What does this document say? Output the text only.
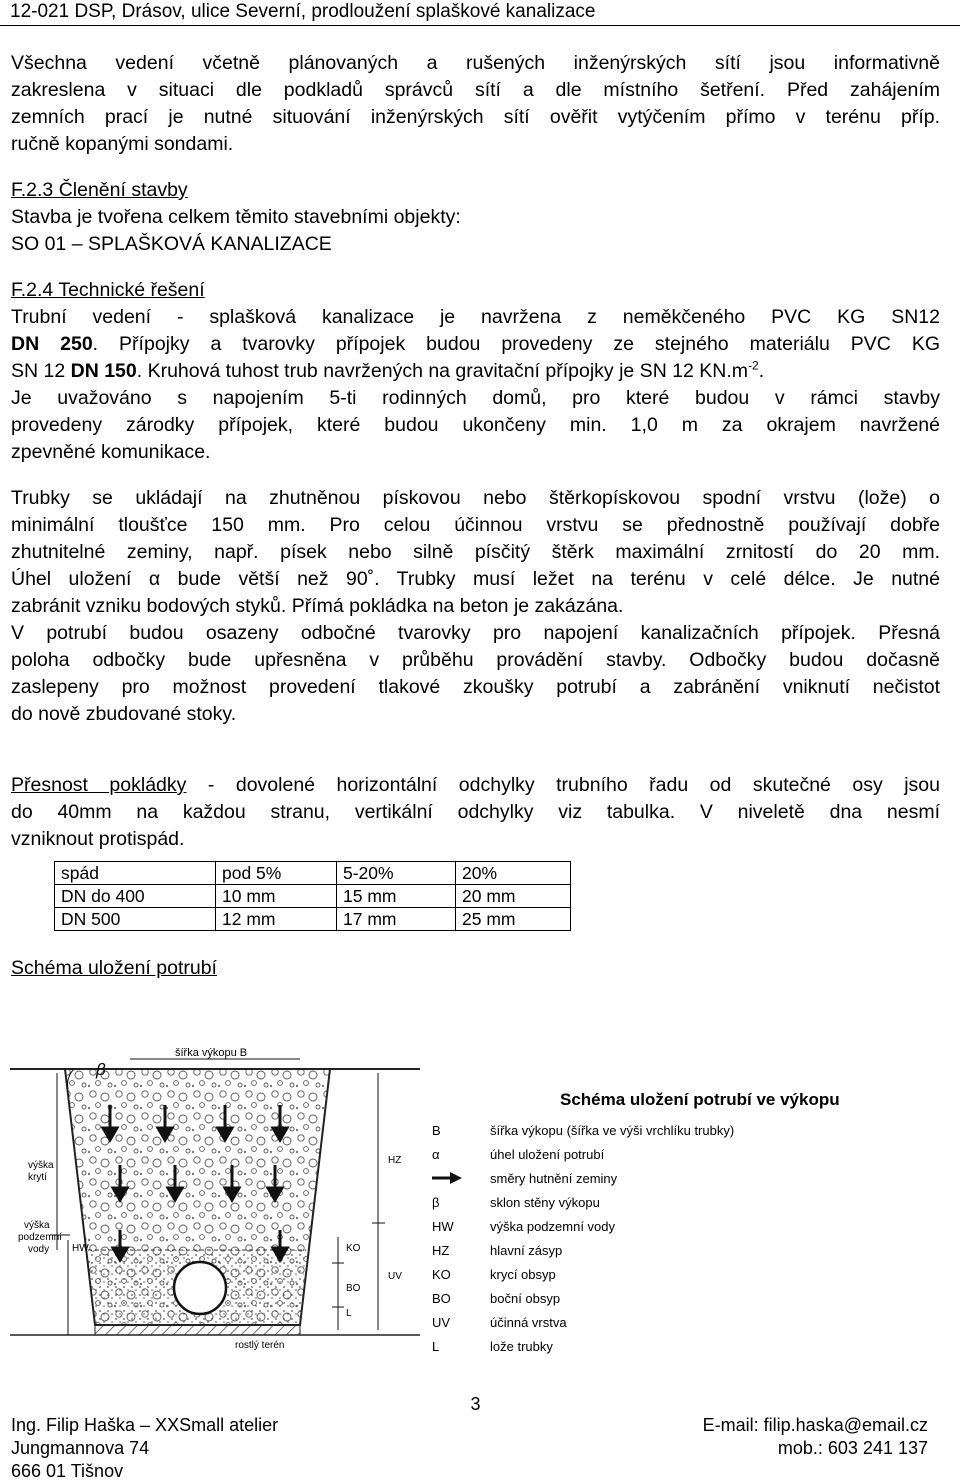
12-021 DSP, Drásov, ulice Severní, prodloužení splaškové kanalizace

Všechna vedení včetně plánovaných a rušených inženýrských sítí jsou informativně

zakreslena v situaci dle podkladů správců sítí a dle místního šetření. Před zahájením

zemních prací je nutné situování inženýrských sítí ověřit vytýčením přímo v terénu příp.

ručně kopanými sondami.

F.2.3 Členění stavby

Stavba je tvořena celkem těmito stavebními objekty:

SO 01 – SPLAŠKOVÁ KANALIZACE

F.2.4 Technické řešení

Trubní vedení - splašková kanalizace je navržena z neměkčeného PVC KG SN12

DN 250. Přípojky a tvarovky přípojek budou provedeny ze stejného materiálu PVC KG

SN 12 DN 150. Kruhová tuhost trub navržených na gravitační přípojky je SN 12 $KN.m^{-2}$.

Je uvažováno s napojením 5-ti rodinných domů, pro které budou v rámci stavby

provedeny zárodky přípojek, které budou ukončeny min. 1,0 m za okrajem navržené

zpevněné komunikace.

Trubky se ukládají na zhutněnou pískovou nebo štěrkopískovou spodní vrstvu (lože) o

minimální tloušťce 150 mm. Pro celou účinnou vrstvu se přednostně používají dobře

zhutnitelné zeminy, např. písek nebo silně písčitý štěrk maximální zrnitostí do 20 mm.

Úhel uložení α bude větší než 90˚. Trubky musí ležet na terénu v celé délce. Je nutné

zabránit vzniku bodových styků. Přímá pokládka na beton je zakázána.

V potrubí budou osazeny odbočné tvarovky pro napojení kanalizačních přípojek. Přesná

poloha odbočky bude upřesněna v průběhu provádění stavby. Odbočky budou dočasně

zaslepeny pro možnost provedení tlakové zkoušky potrubí a zabránění vniknutí nečistot

do nově zbudované stoky.

Přesnost pokládky - dovolené horizontální odchylky trubního řadu od skutečné osy jsou

do 40mm na každou stranu, vertikální odchylky viz tabulka. V niveletě dna nesmí

vzniknout protispád.

spád	pod 5%	5-20%	20%
DN do 400	10 mm	15 mm	20 mm
DN 500	12 mm	17 mm	25 mm

Schéma uložení potrubí

β
šířka výkopu B
výška
krytí
výška
podzemní
vody HW
HZ
KO
UV
BO
L
rostlý terén
Schéma uložení potrubí ve výkopu
B	šířka výkopu (šířka ve výši vrchlíku trubky)
α	úhel uložení potrubí
směry hutnění zeminy
β	sklon stěny výkopu
HW	výška podzemní vody
HZ	hlavní zásyp
KO	krycí obsyp
BO	boční obsyp
UV	účinná vrstva
L	lože trubky
3
Ing. Filip Haška – XXSmall atelier
Jungmannova 74
666 01 Tišnov
E-mail: filip.haska@email.cz
mob.: 603 241 137
